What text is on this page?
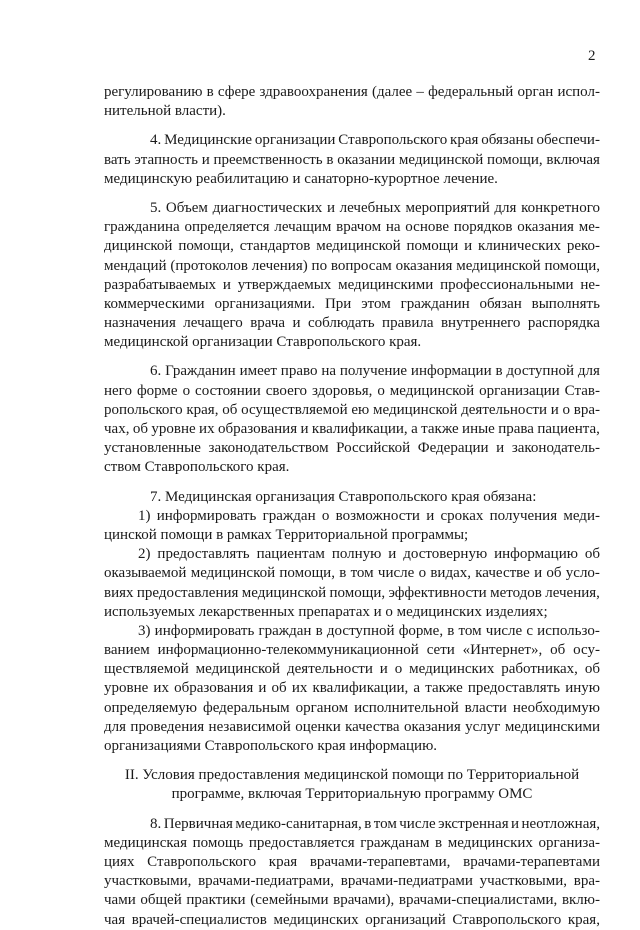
2
регулированию в сфере здравоохранения (далее – федеральный орган испол-
нительной власти).
4. Медицинские организации Ставропольского края обязаны обеспечи-
вать этапность и преемственность в оказании медицинской помощи, включая
медицинскую реабилитацию и санаторно-курортное лечение.
5. Объем диагностических и лечебных мероприятий для конкретного
гражданина определяется лечащим врачом на основе порядков оказания ме-
дицинской помощи, стандартов медицинской помощи и клинических реко-
мендаций (протоколов лечения) по вопросам оказания медицинской помощи,
разрабатываемых и утверждаемых медицинскими профессиональными не-
коммерческими организациями. При этом гражданин обязан выполнять
назначения лечащего врача и соблюдать правила внутреннего распорядка
медицинской организации Ставропольского края.
6. Гражданин имеет право на получение информации в доступной для
него форме о состоянии своего здоровья, о медицинской организации Став-
ропольского края, об осуществляемой ею медицинской деятельности и о вра-
чах, об уровне их образования и квалификации, а также иные права пациента,
установленные законодательством Российской Федерации и законодатель-
ством Ставропольского края.
7. Медицинская организация Ставропольского края обязана:
1) информировать граждан о возможности и сроках получения меди-
цинской помощи в рамках Территориальной программы;
2) предоставлять пациентам полную и достоверную информацию об
оказываемой медицинской помощи, в том числе о видах, качестве и об усло-
виях предоставления медицинской помощи, эффективности методов лечения,
используемых лекарственных препаратах и о медицинских изделиях;
3) информировать граждан в доступной форме, в том числе с использо-
ванием информационно-телекоммуникационной сети «Интернет», об осу-
ществляемой медицинской деятельности и о медицинских работниках, об
уровне их образования и об их квалификации, а также предоставлять иную
определяемую федеральным органом исполнительной власти необходимую
для проведения независимой оценки качества оказания услуг медицинскими
организациями Ставропольского края информацию.
II. Условия предоставления медицинской помощи по Территориальной
программе, включая Территориальную программу ОМС
8. Первичная медико-санитарная, в том числе экстренная и неотложная,
медицинская помощь предоставляется гражданам в медицинских организа-
циях Ставропольского края врачами-терапевтами, врачами-терапевтами
участковыми, врачами-педиатрами, врачами-педиатрами участковыми, вра-
чами общей практики (семейными врачами), врачами-специалистами, вклю-
чая врачей-специалистов медицинских организаций Ставропольского края,
